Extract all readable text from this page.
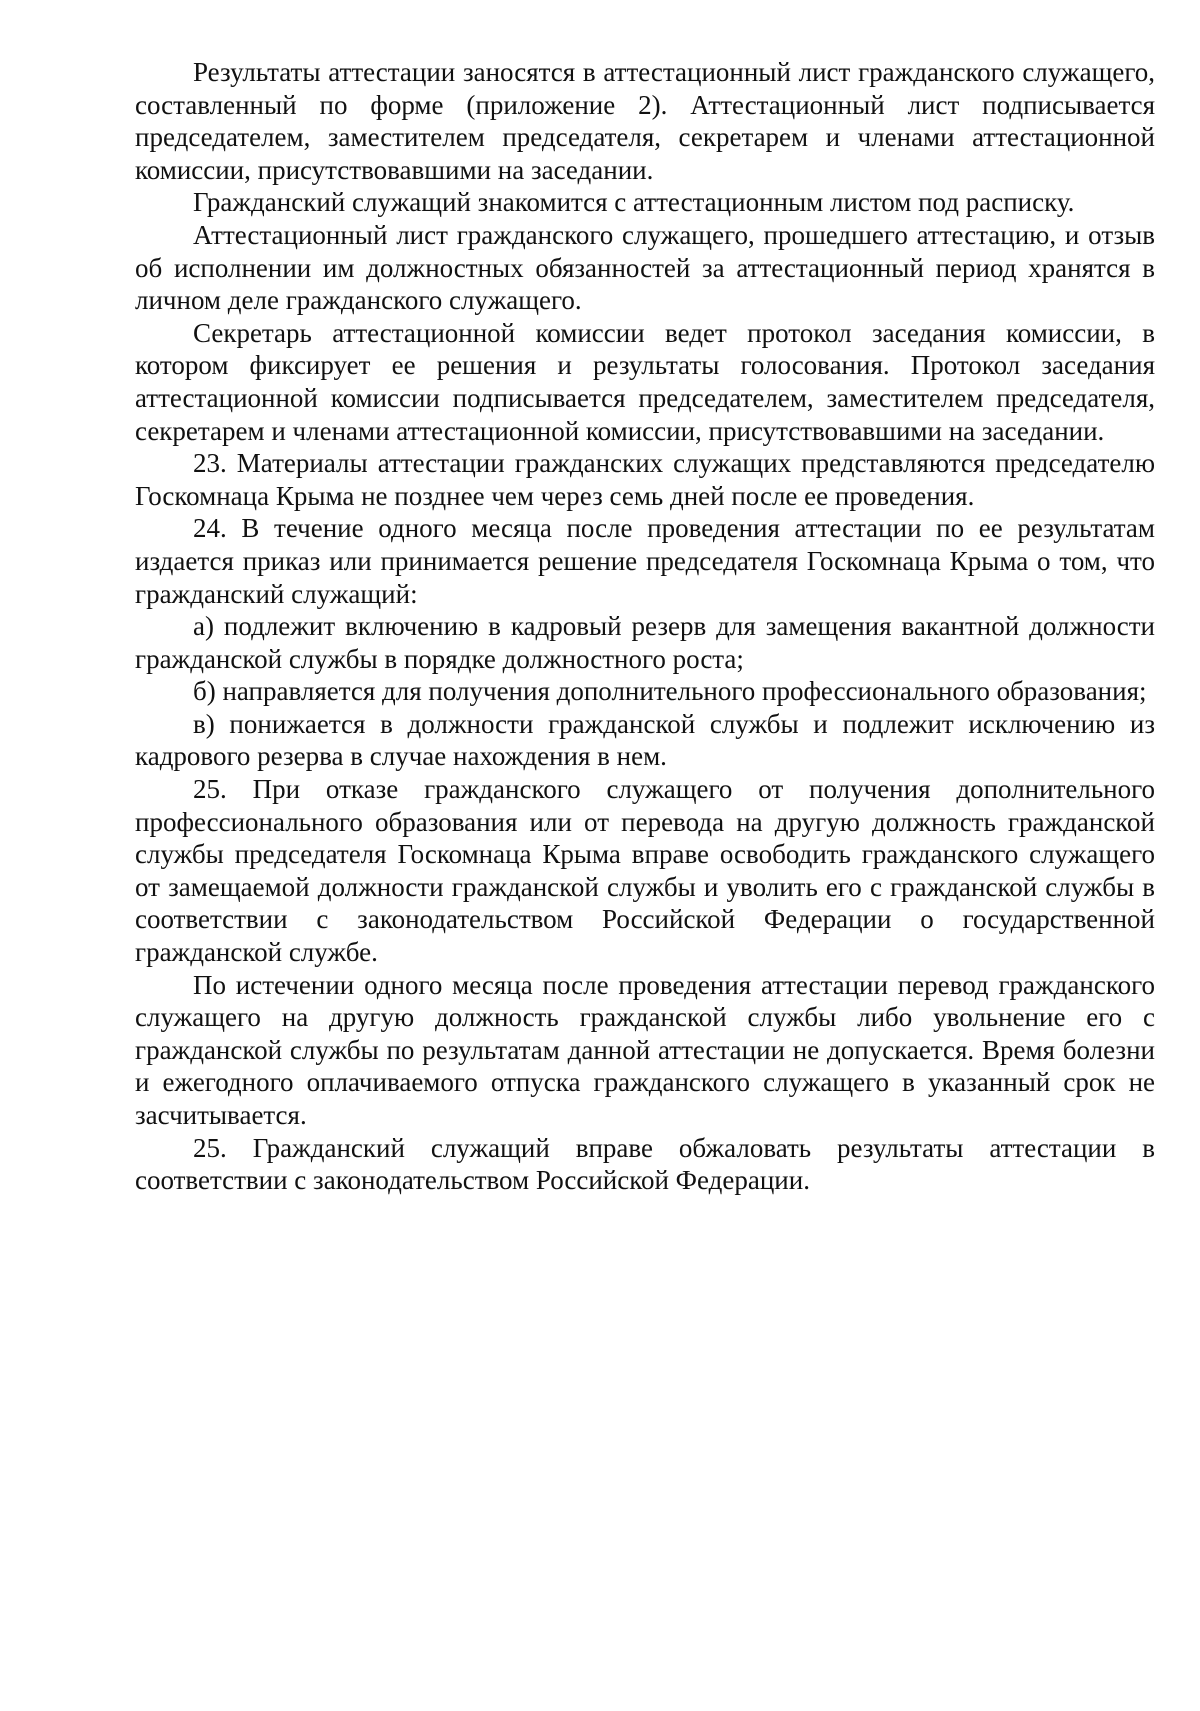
Результаты аттестации заносятся в аттестационный лист гражданского служащего, составленный по форме (приложение 2). Аттестационный лист подписывается председателем, заместителем председателя, секретарем и членами аттестационной комиссии, присутствовавшими на заседании.

Гражданский служащий знакомится с аттестационным листом под расписку.

Аттестационный лист гражданского служащего, прошедшего аттестацию, и отзыв об исполнении им должностных обязанностей за аттестационный период хранятся в личном деле гражданского служащего.

Секретарь аттестационной комиссии ведет протокол заседания комиссии, в котором фиксирует ее решения и результаты голосования. Протокол заседания аттестационной комиссии подписывается председателем, заместителем председателя, секретарем и членами аттестационной комиссии, присутствовавшими на заседании.

23. Материалы аттестации гражданских служащих представляются председателю Госкомнаца Крыма не позднее чем через семь дней после ее проведения.

24. В течение одного месяца после проведения аттестации по ее результатам издается приказ или принимается решение председателя Госкомнаца Крыма о том, что гражданский служащий:

а) подлежит включению в кадровый резерв для замещения вакантной должности гражданской службы в порядке должностного роста;

б) направляется для получения дополнительного профессионального образования;

в) понижается в должности гражданской службы и подлежит исключению из кадрового резерва в случае нахождения в нем.

25. При отказе гражданского служащего от получения дополнительного профессионального образования или от перевода на другую должность гражданской службы председателя Госкомнаца Крыма вправе освободить гражданского служащего от замещаемой должности гражданской службы и уволить его с гражданской службы в соответствии с законодательством Российской Федерации о государственной гражданской службе.

По истечении одного месяца после проведения аттестации перевод гражданского служащего на другую должность гражданской службы либо увольнение его с гражданской службы по результатам данной аттестации не допускается. Время болезни и ежегодного оплачиваемого отпуска гражданского служащего в указанный срок не засчитывается.

25. Гражданский служащий вправе обжаловать результаты аттестации в соответствии с законодательством Российской Федерации.
